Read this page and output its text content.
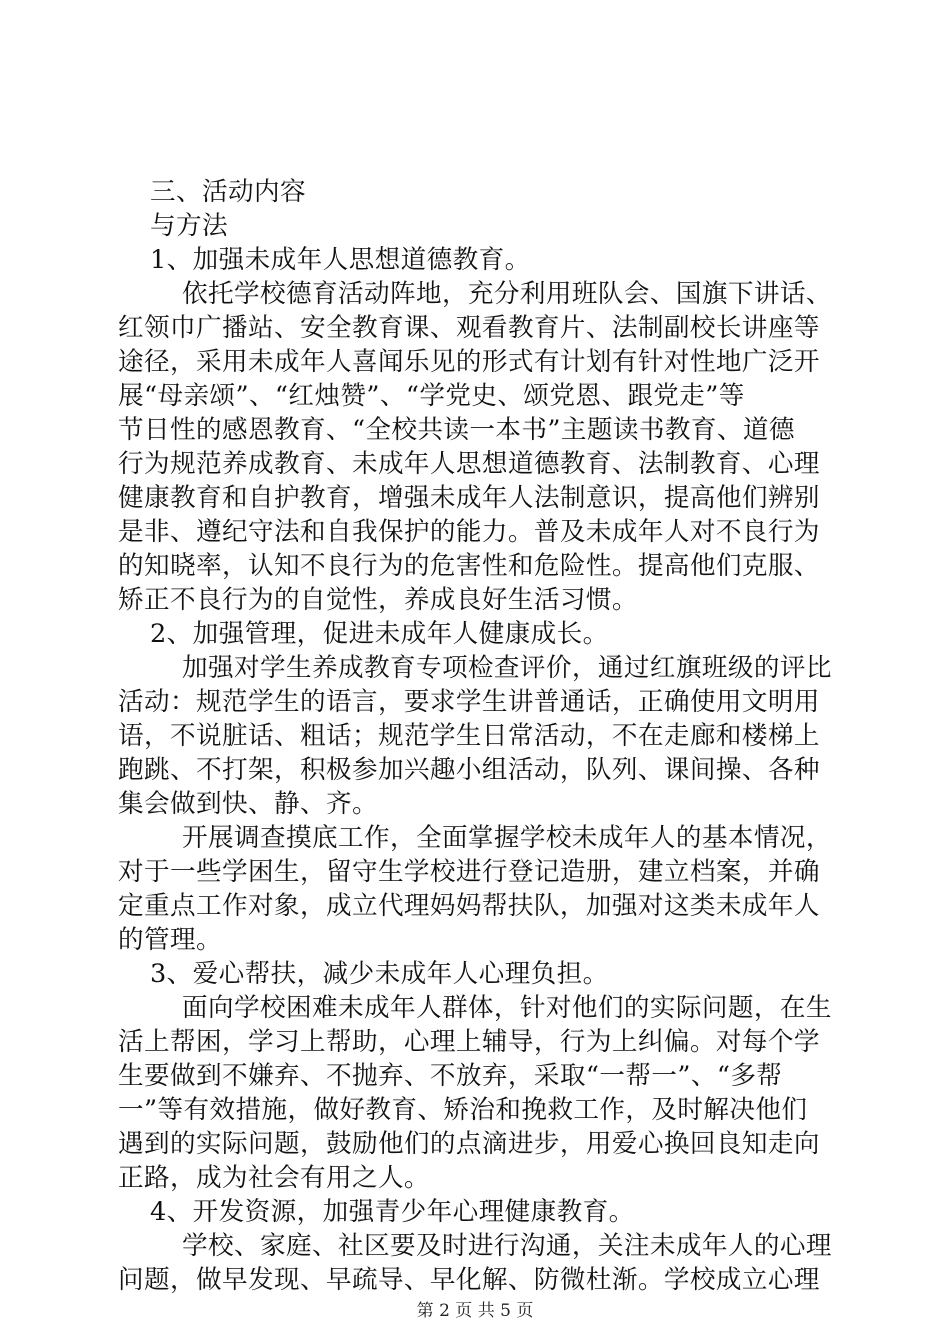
三、活动内容
与方法
1、加强未成年人思想道德教育。
依托学校德育活动阵地，充分利用班队会、国旗下讲话、
红领巾广播站、安全教育课、观看教育片、法制副校长讲座等
途径，采用未成年人喜闻乐见的形式有计划有针对性地广泛开
展“母亲颂”、“红烛赞”、“学党史、颂党恩、跟党走”等
节日性的感恩教育、“全校共读一本书”主题读书教育、道德
行为规范养成教育、未成年人思想道德教育、法制教育、心理
健康教育和自护教育，增强未成年人法制意识，提高他们辨别
是非、遵纪守法和自我保护的能力。普及未成年人对不良行为
的知晓率，认知不良行为的危害性和危险性。提高他们克服、
矫正不良行为的自觉性，养成良好生活习惯。
2、加强管理，促进未成年人健康成长。
加强对学生养成教育专项检查评价，通过红旗班级的评比
活动：规范学生的语言，要求学生讲普通话，正确使用文明用
语，不说脏话、粗话；规范学生日常活动，不在走廊和楼梯上
跑跳、不打架，积极参加兴趣小组活动，队列、课间操、各种
集会做到快、静、齐。
开展调查摸底工作，全面掌握学校未成年人的基本情况，
对于一些学困生，留守生学校进行登记造册，建立档案，并确
定重点工作对象，成立代理妈妈帮扶队，加强对这类未成年人
的管理。
3、爱心帮扶，减少未成年人心理负担。
面向学校困难未成年人群体，针对他们的实际问题，在生
活上帮困，学习上帮助，心理上辅导，行为上纠偏。对每个学
生要做到不嫌弃、不抛弃、不放弃，采取“一帮一”、“多帮
一”等有效措施，做好教育、矫治和挽救工作，及时解决他们
遇到的实际问题，鼓励他们的点滴进步，用爱心换回良知走向
正路，成为社会有用之人。
4、开发资源，加强青少年心理健康教育。
学校、家庭、社区要及时进行沟通，关注未成年人的心理
问题，做早发现、早疏导、早化解、防微杜渐。学校成立心理
第 2 页 共 5 页
